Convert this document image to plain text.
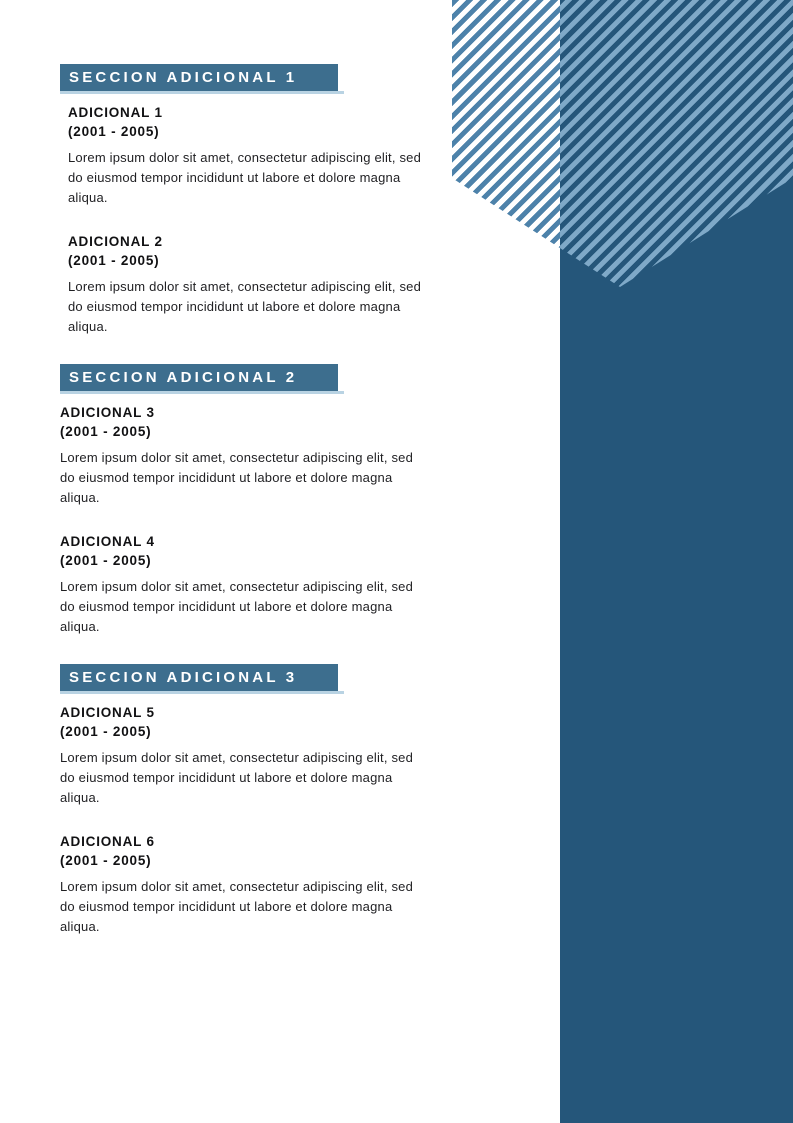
SECCION ADICIONAL 1
ADICIONAL 1
(2001 - 2005)

Lorem ipsum dolor sit amet, consectetur adipiscing elit, sed do eiusmod tempor incididunt ut labore et dolore magna aliqua.

ADICIONAL 2
(2001 - 2005)

Lorem ipsum dolor sit amet, consectetur adipiscing elit, sed do eiusmod tempor incididunt ut labore et dolore magna aliqua.

SECCION ADICIONAL 2
ADICIONAL 3
(2001 - 2005)

Lorem ipsum dolor sit amet, consectetur adipiscing elit, sed do eiusmod tempor incididunt ut labore et dolore magna aliqua.

ADICIONAL 4
(2001 - 2005)

Lorem ipsum dolor sit amet, consectetur adipiscing elit, sed do eiusmod tempor incididunt ut labore et dolore magna aliqua.

SECCION ADICIONAL 3
ADICIONAL 5
(2001 - 2005)

Lorem ipsum dolor sit amet, consectetur adipiscing elit, sed do eiusmod tempor incididunt ut labore et dolore magna aliqua.

ADICIONAL 6
(2001 - 2005)

Lorem ipsum dolor sit amet, consectetur adipiscing elit, sed do eiusmod tempor incididunt ut labore et dolore magna aliqua.
